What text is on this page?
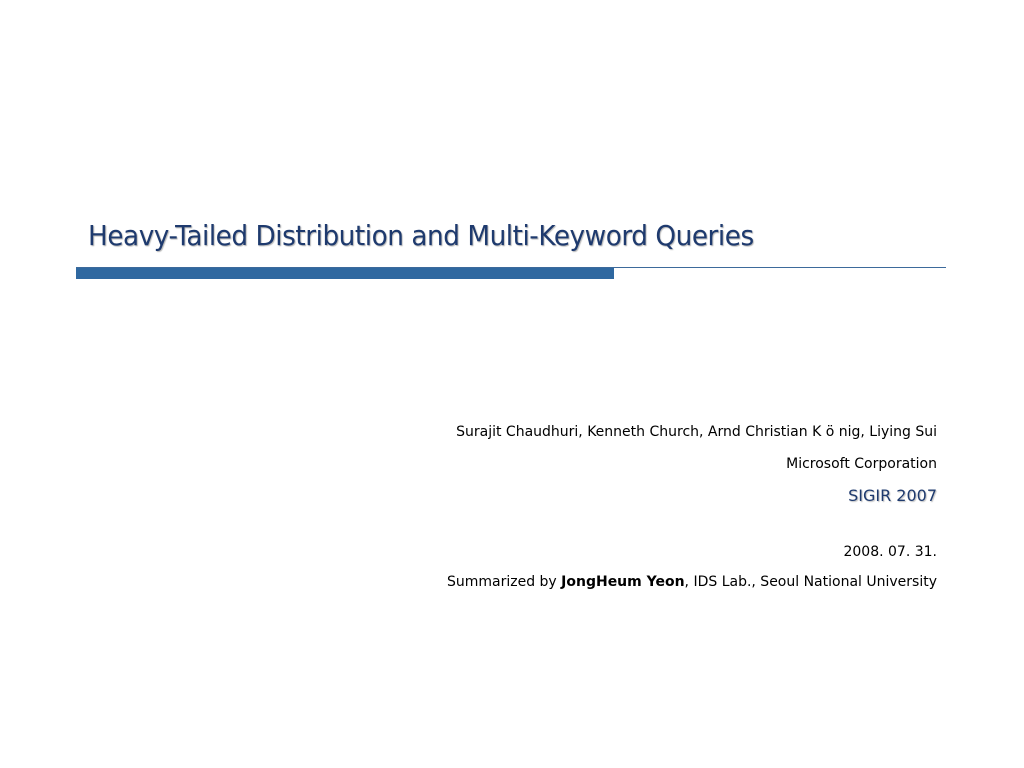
Heavy-Tailed Distribution and Multi-Keyword Queries
Surajit Chaudhuri, Kenneth Church, Arnd Christian K ö nig, Liying Sui
Microsoft Corporation
SIGIR 2007
2008. 07. 31.
Summarized by JongHeum Yeon, IDS Lab., Seoul National University
